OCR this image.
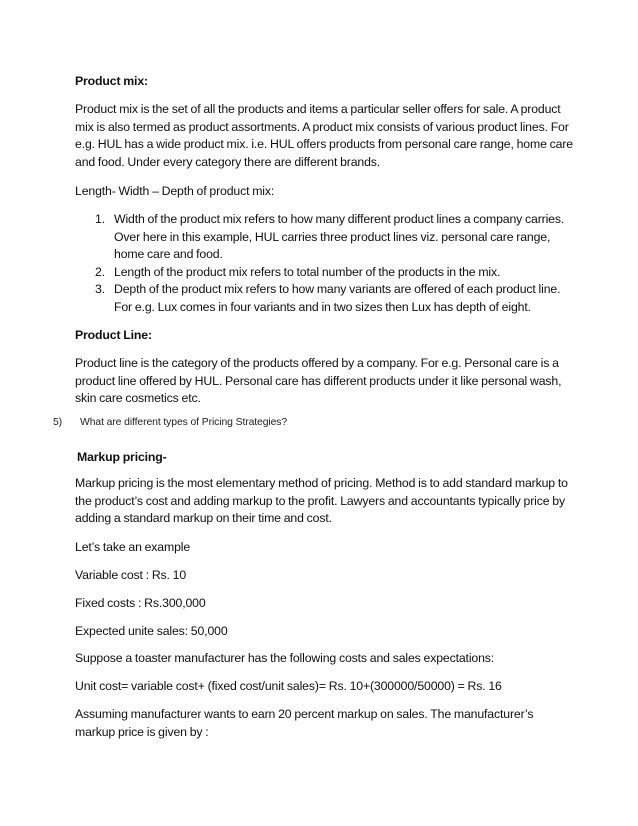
Product mix:
Product mix is the set of all the products and items a particular seller offers for sale. A product mix is also termed as product assortments. A product mix consists of various product lines. For e.g. HUL has a wide product mix. i.e. HUL offers products from personal care range, home care and food. Under every category there are different brands.
Length- Width – Depth of product mix:
1. Width of the product mix refers to how many different product lines a company carries. Over here in this example, HUL carries three product lines viz. personal care range, home care and food.
2. Length of the product mix refers to total number of the products in the mix.
3. Depth of the product mix refers to how many variants are offered of each product line. For e.g. Lux comes in four variants and in two sizes then Lux has depth of eight.
Product Line:
Product line is the category of the products offered by a company. For e.g. Personal care is a product line offered by HUL. Personal care has different products under it like personal wash, skin care cosmetics etc.
5) What are different types of Pricing Strategies?
Markup pricing-
Markup pricing is the most elementary method of pricing. Method is to add standard markup to the product’s cost and adding markup to the profit. Lawyers and accountants typically price by adding a standard markup on their time and cost.
Let’s take an example
Variable cost : Rs. 10
Fixed costs : Rs.300,000
Expected unite sales: 50,000
Suppose a toaster manufacturer has the following costs and sales expectations:
Unit cost= variable cost+ (fixed cost/unit sales)= Rs. 10+(300000/50000) = Rs. 16
Assuming manufacturer wants to earn 20 percent markup on sales. The manufacturer’s markup price is given by :
